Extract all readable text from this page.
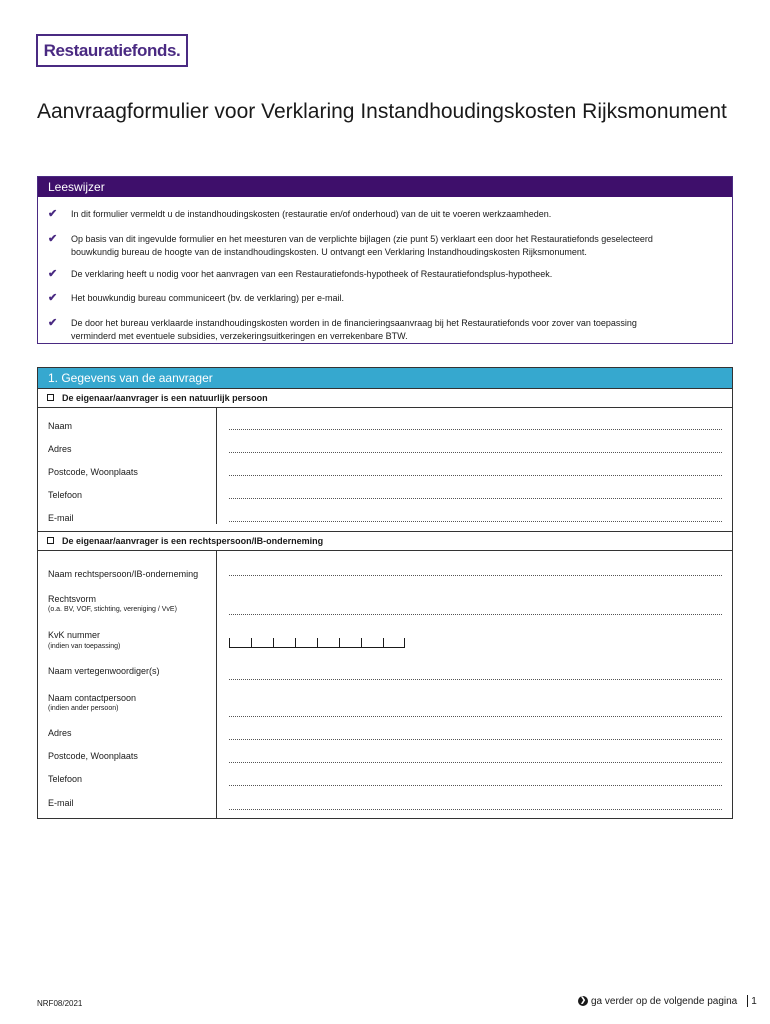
Restauratiefonds.
Aanvraagformulier voor Verklaring Instandhoudingskosten Rijksmonument
Leeswijzer
✔ In dit formulier vermeldt u de instandhoudingskosten (restauratie en/of onderhoud) van de uit te voeren werkzaamheden.
✔ Op basis van dit ingevulde formulier en het meesturen van de verplichte bijlagen (zie punt 5) verklaart een door het Restauratiefonds geselecteerd
bouwkundig bureau de hoogte van de instandhoudingskosten. U ontvangt een Verklaring Instandhoudingskosten Rijksmonument.
✔ De verklaring heeft u nodig voor het aanvragen van een Restauratiefonds-hypotheek of Restauratiefondsplus-hypotheek.
✔ Het bouwkundig bureau communiceert (bv. de verklaring) per e-mail.
✔ De door het bureau verklaarde instandhoudingskosten worden in de financieringsaanvraag bij het Restauratiefonds voor zover van toepassing
verminderd met eventuele subsidies, verzekeringsuitkeringen en verrekenbare BTW.
1. Gegevens van de aanvrager
De eigenaar/aanvrager is een natuurlijk persoon
Naam
Adres
Postcode, Woonplaats
Telefoon
E-mail
De eigenaar/aanvrager is een rechtspersoon/IB-onderneming
Naam rechtspersoon/IB-onderneming
Rechtsvorm
(o.a. BV, VOF, stichting, vereniging / VvE)
KvK nummer
(indien van toepassing)
Naam vertegenwoordiger(s)
Naam contactpersoon
(indien ander persoon)
Adres
Postcode, Woonplaats
Telefoon
E-mail
NRF08/2021	❯ ga verder op de volgende pagina 1
